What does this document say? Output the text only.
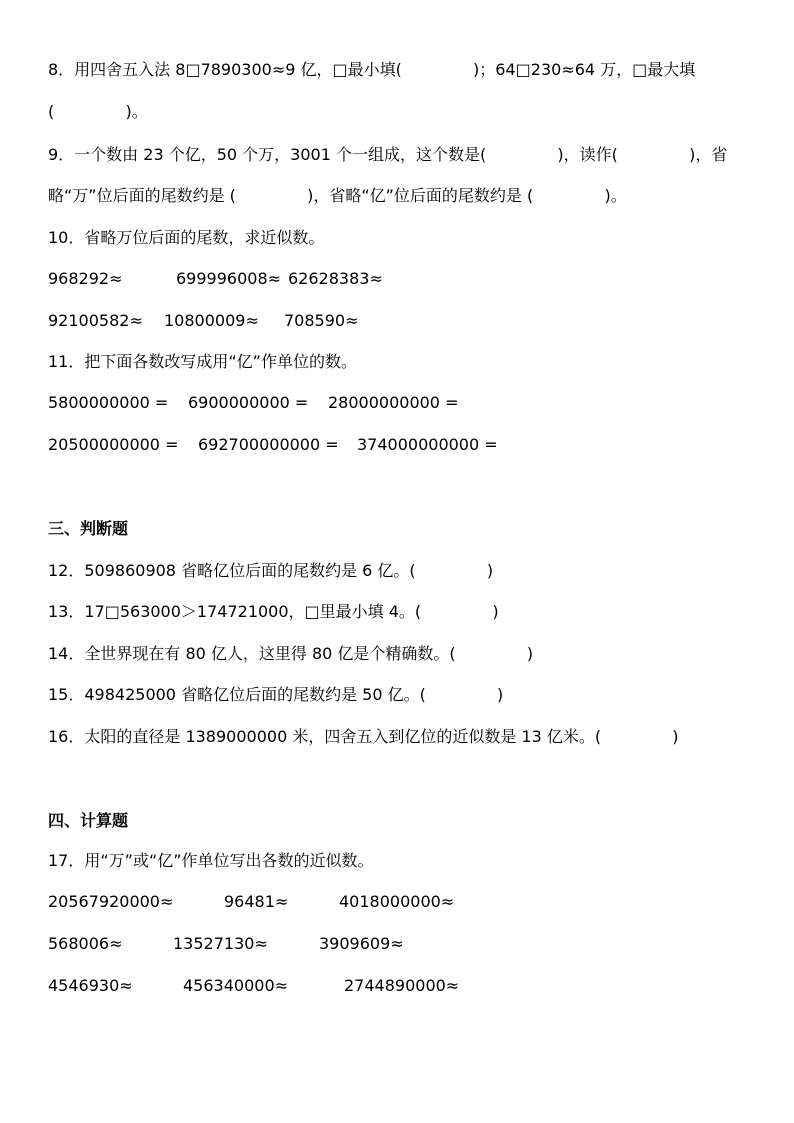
8．用四舍五入法 8□7890300≈9 亿，□最小填(              )；64□230≈64 万，□最大填
(              )。
9．一个数由 23 个亿，50 个万，3001 个一组成，这个数是(              )，读作(              )，省
略“万”位后面的尾数约是 (              )，省略“亿”位后面的尾数约是 (              )。
10．省略万位后面的尾数，求近似数。
968292≈	699996008≈ 62628383≈
92100582≈ 10800009≈ 708590≈
11．把下面各数改写成用“亿”作单位的数。
5800000000 = 6900000000 = 28000000000 =
20500000000 = 692700000000 = 374000000000 =
三、判断题
12．509860908 省略亿位后面的尾数约是 6 亿。(              )
13．17□563000＞174721000，□里最小填 4。(              )
14．全世界现在有 80 亿人，这里得 80 亿是个精确数。(              )
15．498425000 省略亿位后面的尾数约是 50 亿。(              )
16．太阳的直径是 1389000000 米，四舍五入到亿位的近似数是 13 亿米。(              )
四、计算题
17．用“万”或“亿”作单位写出各数的近似数。
20567920000≈	96481≈	4018000000≈
568006≈	13527130≈	3909609≈
4546930≈	456340000≈	2744890000≈
